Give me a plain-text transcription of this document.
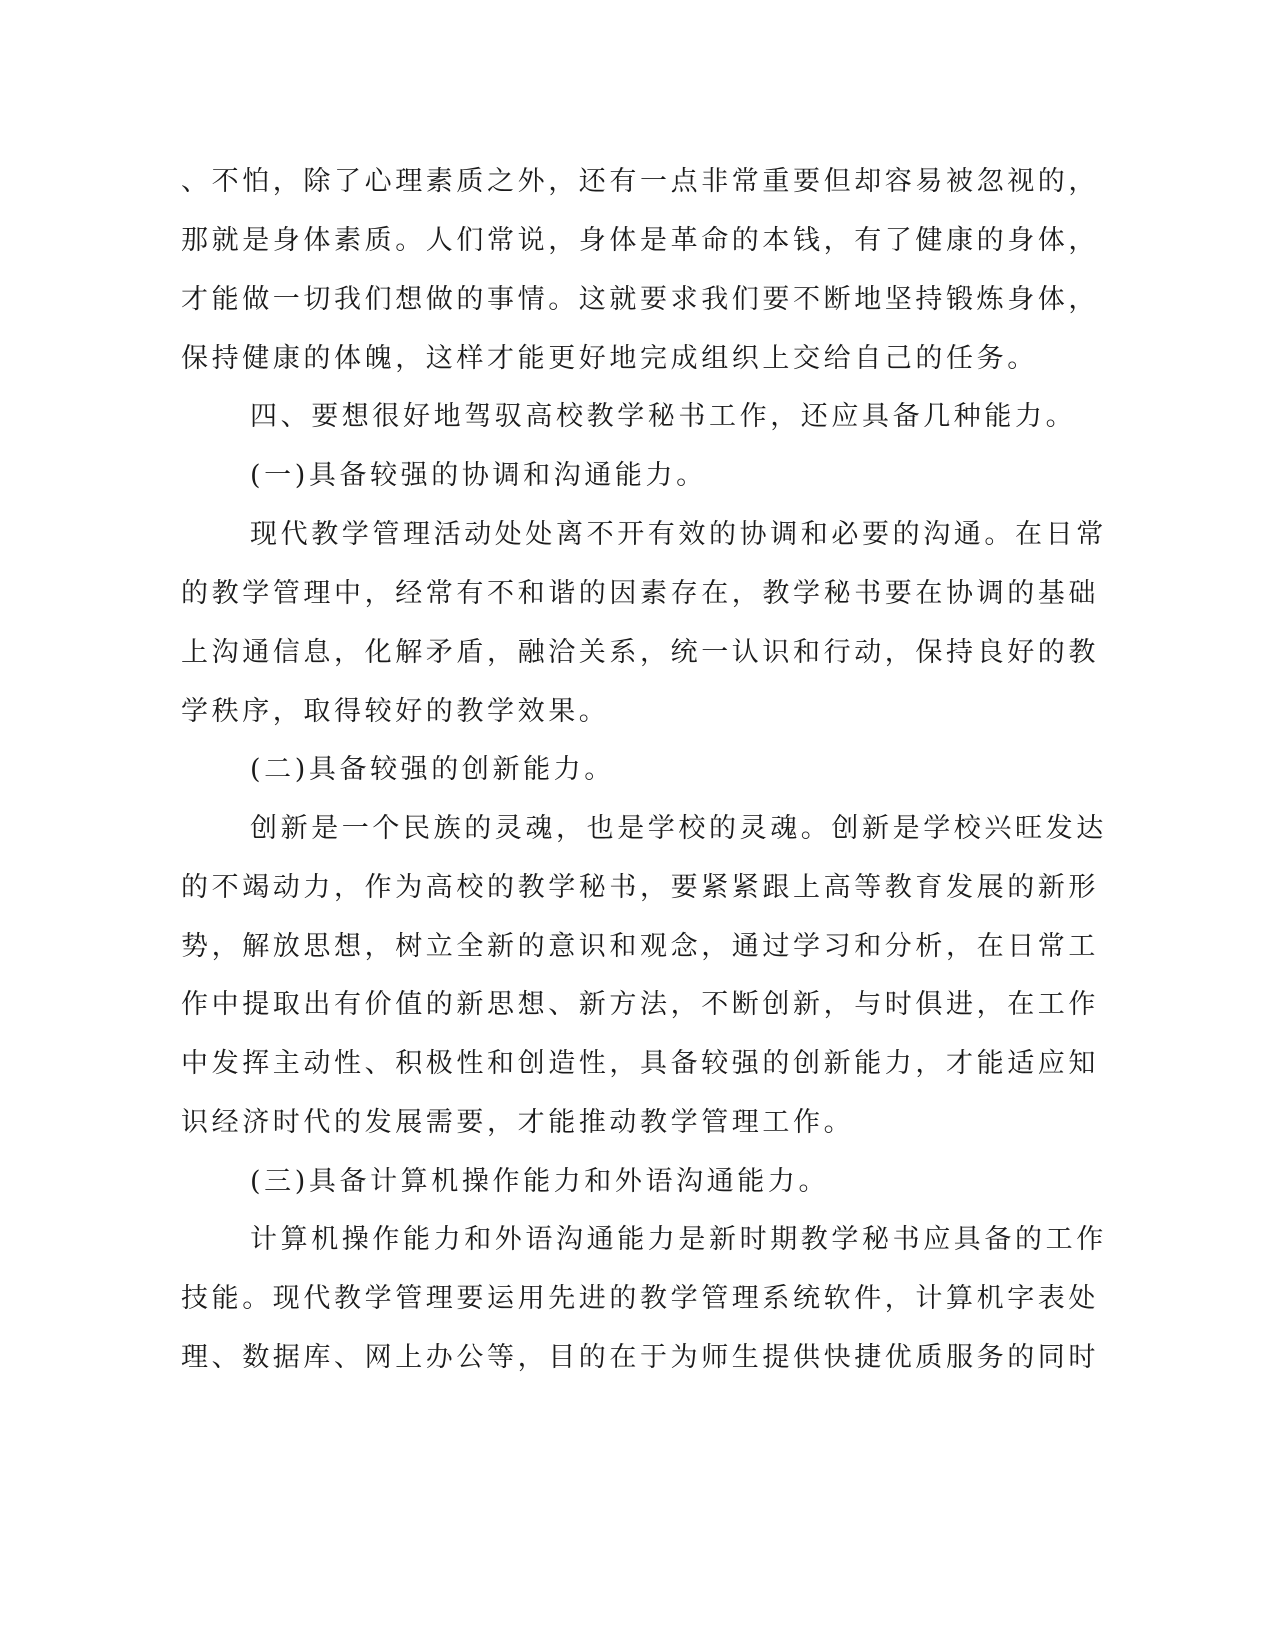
、不怕，除了心理素质之外，还有一点非常重要但却容易被忽视的，
那就是身体素质。人们常说，身体是革命的本钱，有了健康的身体，
才能做一切我们想做的事情。这就要求我们要不断地坚持锻炼身体，
保持健康的体魄，这样才能更好地完成组织上交给自己的任务。
四、要想很好地驾驭高校教学秘书工作，还应具备几种能力。
(一)具备较强的协调和沟通能力。
现代教学管理活动处处离不开有效的协调和必要的沟通。在日常
的教学管理中，经常有不和谐的因素存在，教学秘书要在协调的基础
上沟通信息，化解矛盾，融洽关系，统一认识和行动，保持良好的教
学秩序，取得较好的教学效果。
(二)具备较强的创新能力。
创新是一个民族的灵魂，也是学校的灵魂。创新是学校兴旺发达
的不竭动力，作为高校的教学秘书，要紧紧跟上高等教育发展的新形
势，解放思想，树立全新的意识和观念，通过学习和分析，在日常工
作中提取出有价值的新思想、新方法，不断创新，与时俱进，在工作
中发挥主动性、积极性和创造性，具备较强的创新能力，才能适应知
识经济时代的发展需要，才能推动教学管理工作。
(三)具备计算机操作能力和外语沟通能力。
计算机操作能力和外语沟通能力是新时期教学秘书应具备的工作
技能。现代教学管理要运用先进的教学管理系统软件，计算机字表处
理、数据库、网上办公等，目的在于为师生提供快捷优质服务的同时
